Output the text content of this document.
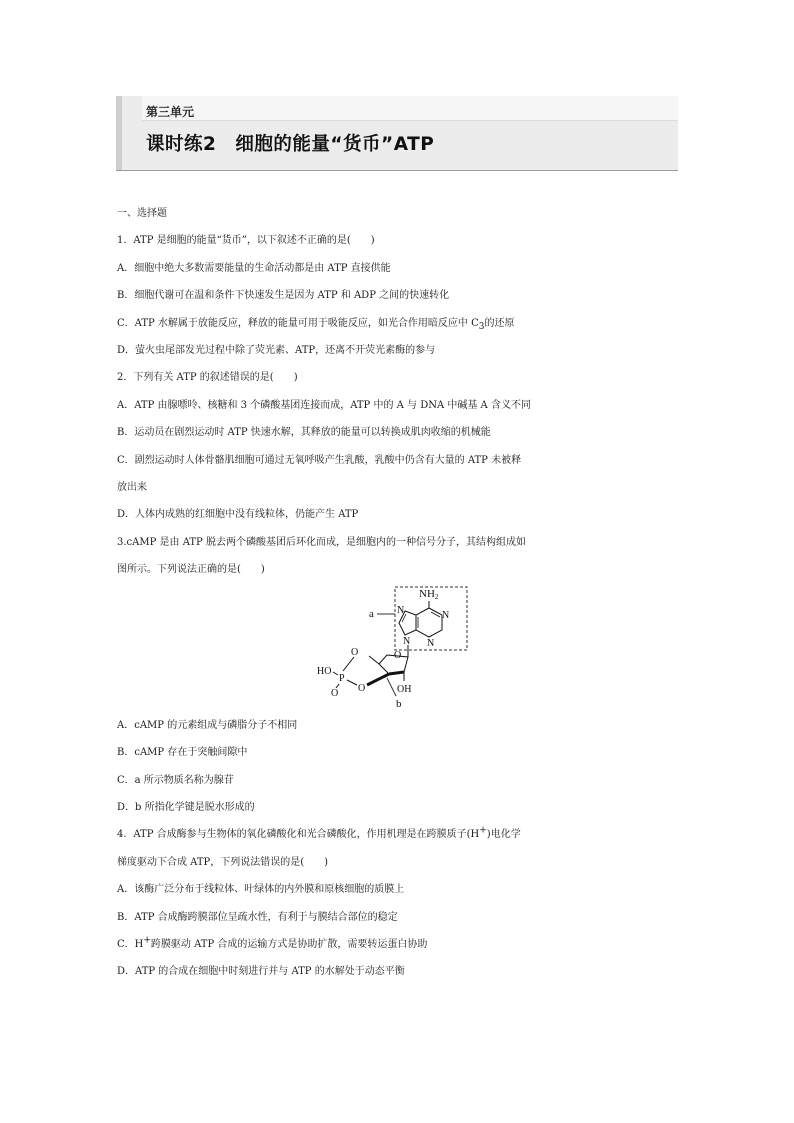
第三单元
课时练2　细胞的能量“货币”ATP

一、选择题

1．ATP 是细胞的能量“货币”，以下叙述不正确的是(　　)

A．细胞中绝大多数需要能量的生命活动都是由 ATP 直接供能

B．细胞代谢可在温和条件下快速发生是因为 ATP 和 ADP 之间的快速转化

C．ATP 水解属于放能反应，释放的能量可用于吸能反应，如光合作用暗反应中 $C_3$的还原

D．萤火虫尾部发光过程中除了荧光素、ATP，还离不开荧光素酶的参与

2．下列有关 ATP 的叙述错误的是(　　)

A．ATP 由腺嘌呤、核糖和 3 个磷酸基团连接而成，ATP 中的 A 与 DNA 中碱基 A 含义不同

B．运动员在剧烈运动时 ATP 快速水解，其释放的能量可以转换成肌肉收缩的机械能

C．剧烈运动时人体骨骼肌细胞可通过无氧呼吸产生乳酸，乳酸中仍含有大量的 ATP 未被释

放出来

D．人体内成熟的红细胞中没有线粒体，仍能产生 ATP

3.cAMP 是由 ATP 脱去两个磷酸基团后环化而成，是细胞内的一种信号分子，其结构组成如

图所示。下列说法正确的是(　　)

a
NH2
N
N
N
N
O
OH
O
P
HO
O O
b

A．cAMP 的元素组成与磷脂分子不相同

B．cAMP 存在于突触间隙中

C．a 所示物质名称为腺苷

D．b 所指化学键是脱水形成的

4．ATP 合成酶参与生物体的氧化磷酸化和光合磷酸化，作用机理是在跨膜质子(H+)电化学

梯度驱动下合成 ATP，下列说法错误的是(　　)

A．该酶广泛分布于线粒体、叶绿体的内外膜和原核细胞的质膜上

B．ATP 合成酶跨膜部位呈疏水性，有利于与膜结合部位的稳定

C．H+跨膜驱动 ATP 合成的运输方式是协助扩散，需要转运蛋白协助

D．ATP 的合成在细胞中时刻进行并与 ATP 的水解处于动态平衡
